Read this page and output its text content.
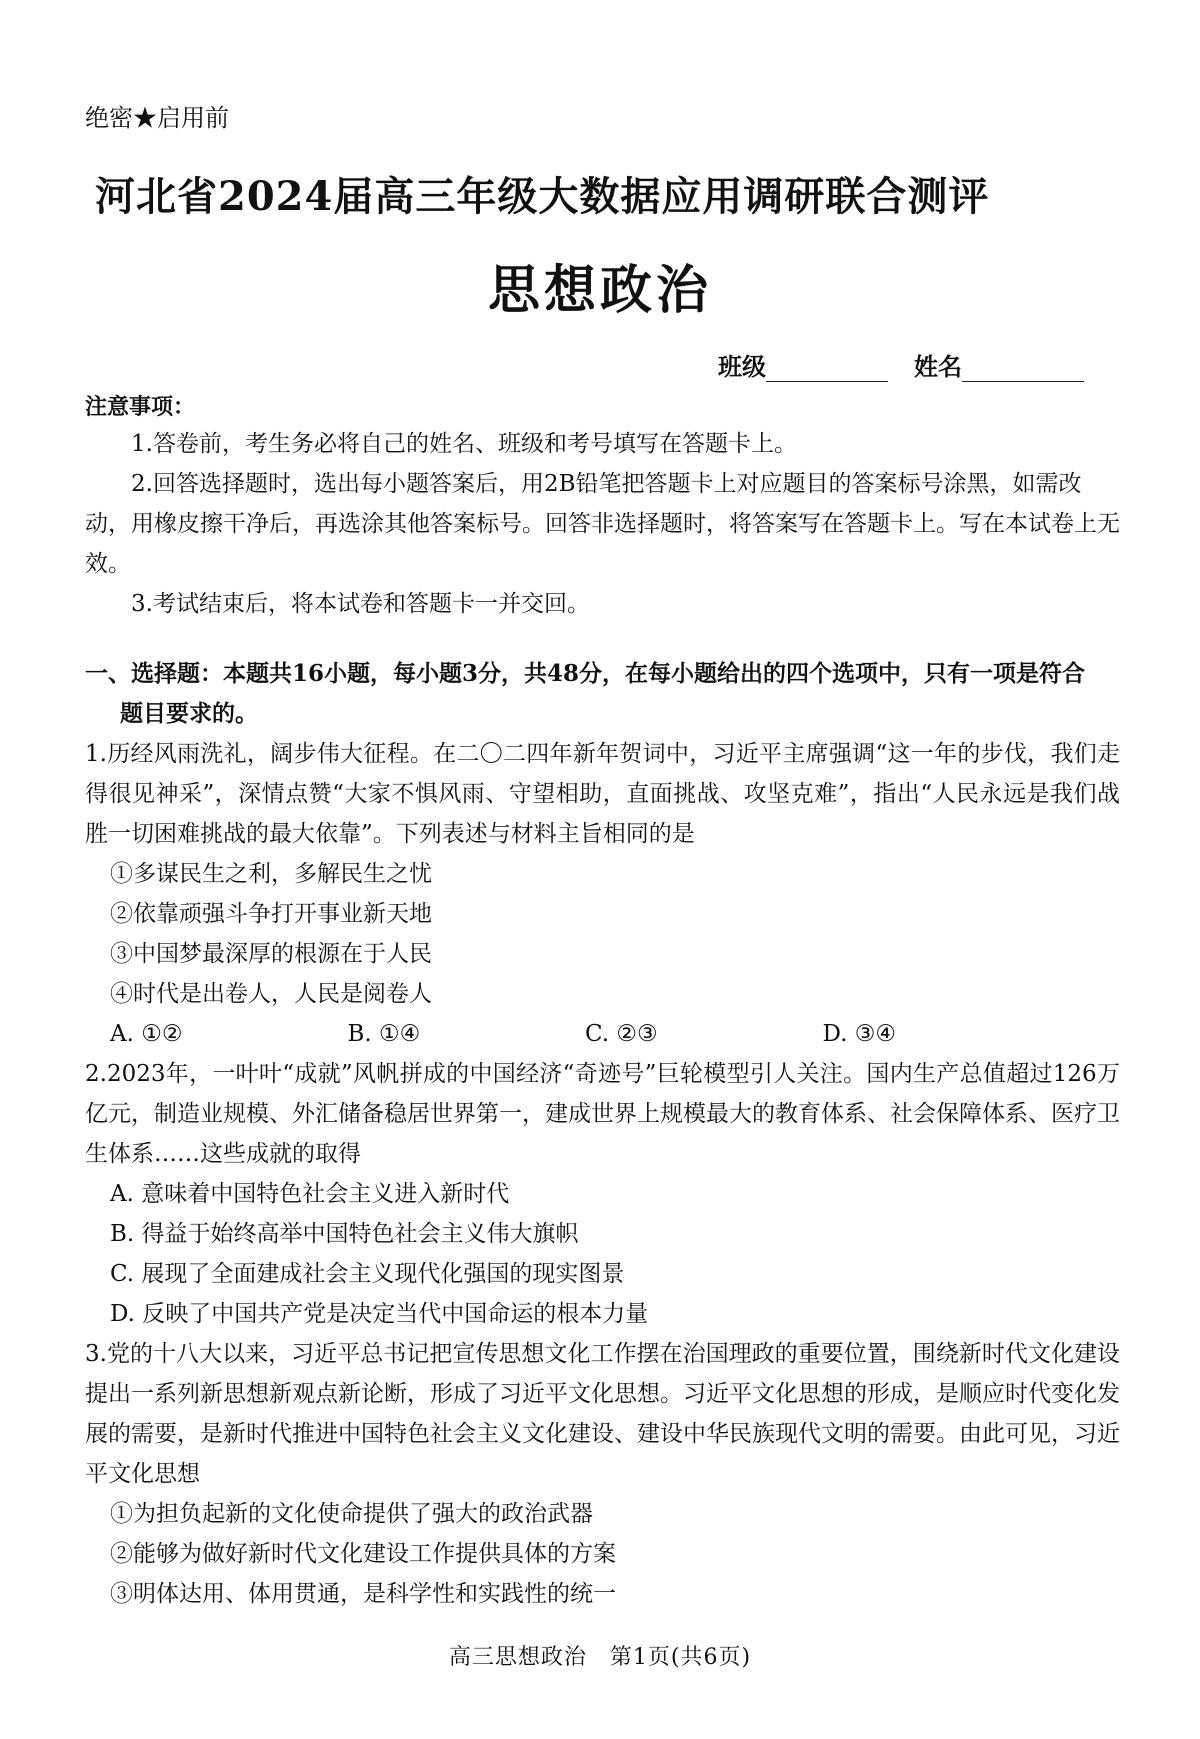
绝密★启用前
河北省2024届高三年级大数据应用调研联合测评
思想政治
班级	姓名
注意事项：
1.答卷前，考生务必将自己的姓名、班级和考号填写在答题卡上。
2.回答选择题时，选出每小题答案后，用2B铅笔把答题卡上对应题目的答案标号涂黑，如需改动，用橡皮擦干净后，再选涂其他答案标号。回答非选择题时，将答案写在答题卡上。写在本试卷上无效。
3.考试结束后，将本试卷和答题卡一并交回。
一、选择题：本题共16小题，每小题3分，共48分，在每小题给出的四个选项中，只有一项是符合
题目要求的。
1.历经风雨洗礼，阔步伟大征程。在二〇二四年新年贺词中，习近平主席强调“这一年的步伐，我们走得很见神采”，深情点赞“大家不惧风雨、守望相助，直面挑战、攻坚克难”，指出“人民永远是我们战胜一切困难挑战的最大依靠”。下列表述与材料主旨相同的是
①多谋民生之利，多解民生之忧
②依靠顽强斗争打开事业新天地
③中国梦最深厚的根源在于人民
④时代是出卷人，人民是阅卷人
A. ①②	B. ①④	C. ②③	D. ③④
2.2023年，一叶叶“成就”风帆拼成的中国经济“奇迹号”巨轮模型引人关注。国内生产总值超过126万亿元，制造业规模、外汇储备稳居世界第一，建成世界上规模最大的教育体系、社会保障体系、医疗卫生体系……这些成就的取得
A. 意味着中国特色社会主义进入新时代
B. 得益于始终高举中国特色社会主义伟大旗帜
C. 展现了全面建成社会主义现代化强国的现实图景
D. 反映了中国共产党是决定当代中国命运的根本力量
3.党的十八大以来，习近平总书记把宣传思想文化工作摆在治国理政的重要位置，围绕新时代文化建设提出一系列新思想新观点新论断，形成了习近平文化思想。习近平文化思想的形成，是顺应时代变化发展的需要，是新时代推进中国特色社会主义文化建设、建设中华民族现代文明的需要。由此可见，习近平文化思想
①为担负起新的文化使命提供了强大的政治武器
②能够为做好新时代文化建设工作提供具体的方案
③明体达用、体用贯通，是科学性和实践性的统一
高三思想政治　第1页(共6页)
